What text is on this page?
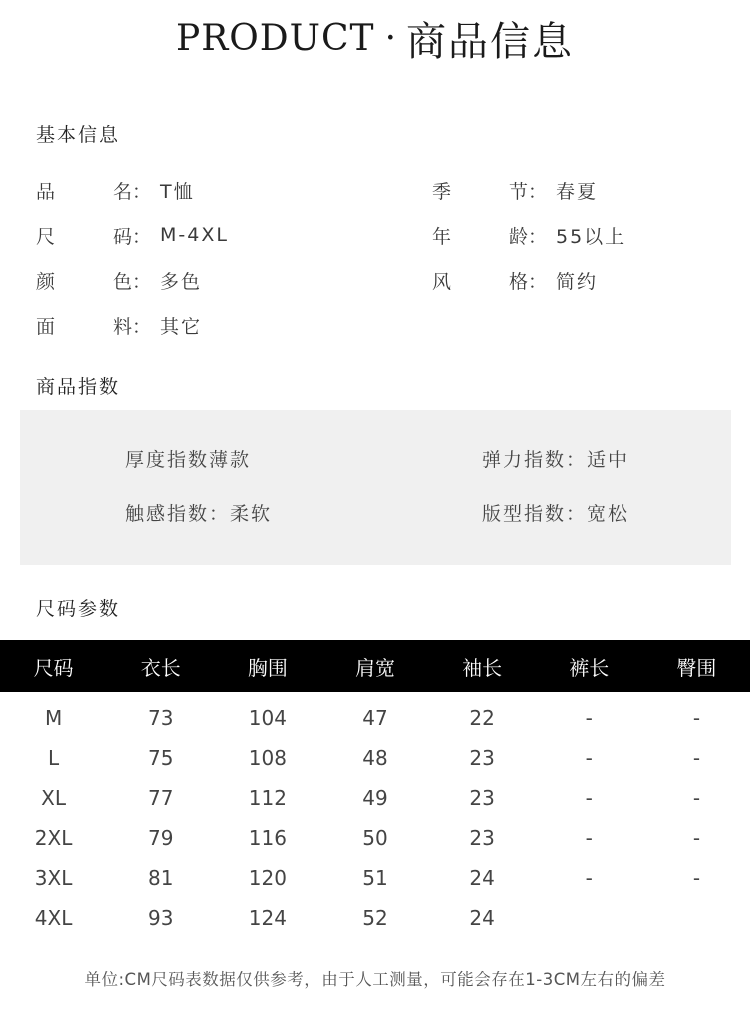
PRODUCT · 商品信息
基本信息
品	名 ： T恤
尺	码 ： M-4XL
颜	色 ： 多色
面	料 ： 其它
季	节 ： 春夏
年	龄 ： 55以上
风	格 ： 简约
商品指数
厚度指数薄款	弹力指数：适中
触感指数：柔软	版型指数：宽松
尺码参数
尺码	衣长	胸围	肩宽	袖长	裤长	臀围
M	73	104	47	22	-	-
L	75	108	48	23	-	-
XL	77	112	49	23	-	-
2XL	79	116	50	23	-	-
3XL	81	120	51	24	-	-
4XL	93	124	52	24		
单位:CM尺码表数据仅供参考，由于人工测量，可能会存在1-3CM左右的偏差
